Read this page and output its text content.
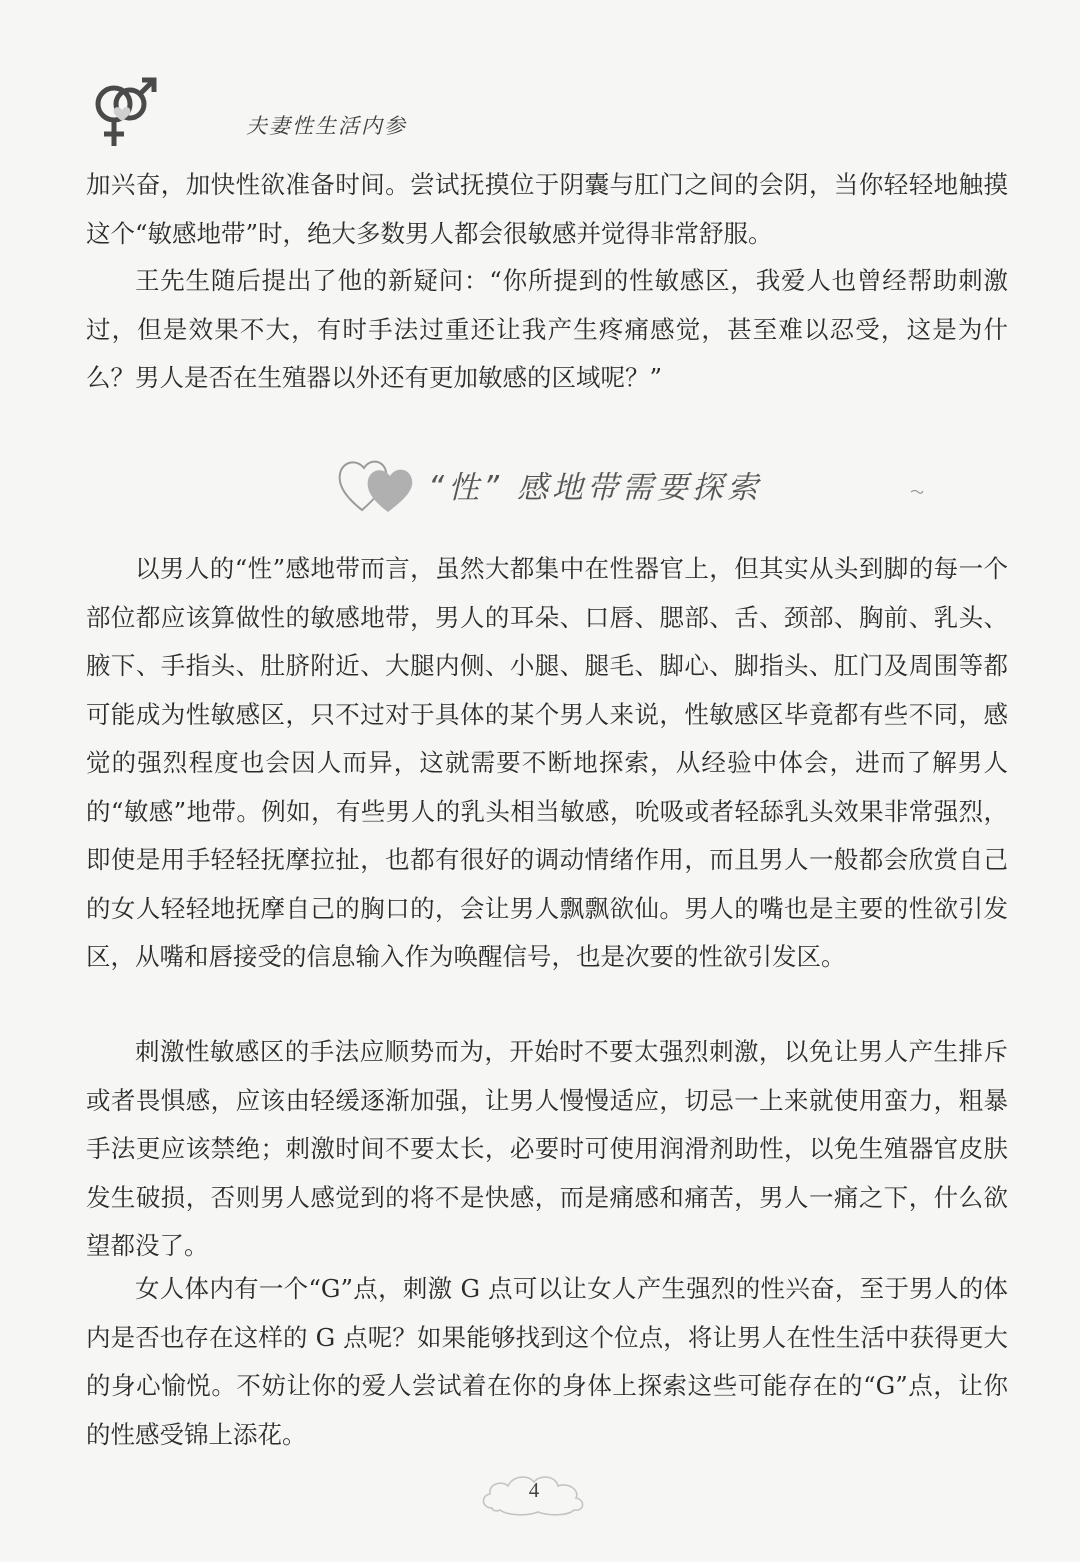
夫妻性生活内参

加兴奋，加快性欲准备时间。尝试抚摸位于阴囊与肛门之间的会阴，当你轻轻地触摸这个“敏感地带”时，绝大多数男人都会很敏感并觉得非常舒服。

王先生随后提出了他的新疑问：“你所提到的性敏感区，我爱人也曾经帮助刺激过，但是效果不大，有时手法过重还让我产生疼痛感觉，甚至难以忍受，这是为什么？男人是否在生殖器以外还有更加敏感的区域呢？”

“性” 感地带需要探索

以男人的“性”感地带而言，虽然大都集中在性器官上，但其实从头到脚的每一个部位都应该算做性的敏感地带，男人的耳朵、口唇、腮部、舌、颈部、胸前、乳头、腋下、手指头、肚脐附近、大腿内侧、小腿、腿毛、脚心、脚指头、肛门及周围等都可能成为性敏感区，只不过对于具体的某个男人来说，性敏感区毕竟都有些不同，感觉的强烈程度也会因人而异，这就需要不断地探索，从经验中体会，进而了解男人的“敏感”地带。例如，有些男人的乳头相当敏感，吮吸或者轻舔乳头效果非常强烈，即使是用手轻轻抚摩拉扯，也都有很好的调动情绪作用，而且男人一般都会欣赏自己的女人轻轻地抚摩自己的胸口的，会让男人飘飘欲仙。男人的嘴也是主要的性欲引发区，从嘴和唇接受的信息输入作为唤醒信号，也是次要的性欲引发区。

刺激性敏感区的手法应顺势而为，开始时不要太强烈刺激，以免让男人产生排斥或者畏惧感，应该由轻缓逐渐加强，让男人慢慢适应，切忌一上来就使用蛮力，粗暴手法更应该禁绝；刺激时间不要太长，必要时可使用润滑剂助性，以免生殖器官皮肤发生破损，否则男人感觉到的将不是快感，而是痛感和痛苦，男人一痛之下，什么欲望都没了。

女人体内有一个“G”点，刺激 G 点可以让女人产生强烈的性兴奋，至于男人的体内是否也存在这样的 G 点呢？如果能够找到这个位点，将让男人在性生活中获得更大的身心愉悦。不妨让你的爱人尝试着在你的身体上探索这些可能存在的“G”点，让你的性感受锦上添花。

4
